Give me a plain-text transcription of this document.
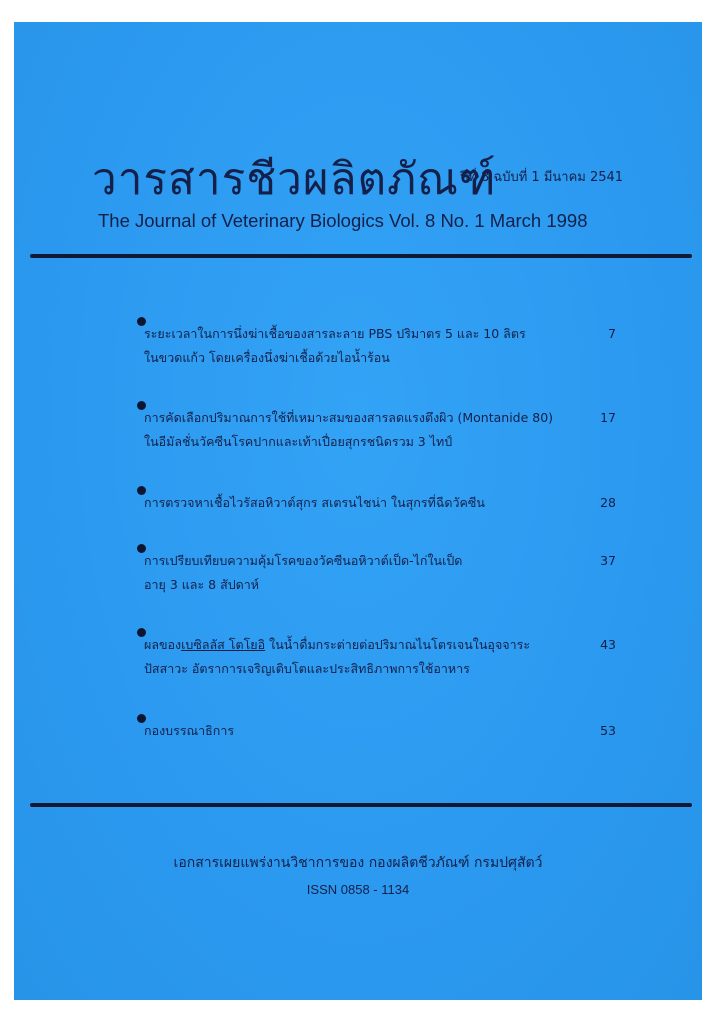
วารสารชีวผลิตภัณฑ์
ปีที่ 8 ฉบับที่ 1 มีนาคม 2541
The Journal of Veterinary Biologics Vol. 8 No. 1 March 1998
ระยะเวลาในการนึ่งฆ่าเชื้อของสารละลาย PBS ปริมาตร 5 และ 10 ลิตร
ในขวดแก้ว โดยเครื่องนึ่งฆ่าเชื้อด้วยไอน้ำร้อน
7
การคัดเลือกปริมาณการใช้ที่เหมาะสมของสารลดแรงตึงผิว (Montanide 80)
ในอีมัลชั่นวัคซีนโรคปากและเท้าเปื่อยสุกรชนิดรวม 3 ไทป์
17
การตรวจหาเชื้อไวรัสอหิวาต์สุกร สเตรนไชน่า ในสุกรที่ฉีดวัคซีน	28
การเปรียบเทียบความคุ้มโรคของวัคซีนอหิวาต์เป็ด-ไก่ในเป็ด
อายุ 3 และ 8 สัปดาห์
37
ผลของเบซิลลัส โตโยอิ ในน้ำดื่มกระต่ายต่อปริมาณไนโตรเจนในอุจจาระ
ปัสสาวะ อัตราการเจริญเติบโตและประสิทธิภาพการใช้อาหาร
43
กองบรรณาธิการ	53
เอกสารเผยแพร่งานวิชาการของ กองผลิตชีวภัณฑ์ กรมปศุสัตว์
ISSN 0858 - 1134
